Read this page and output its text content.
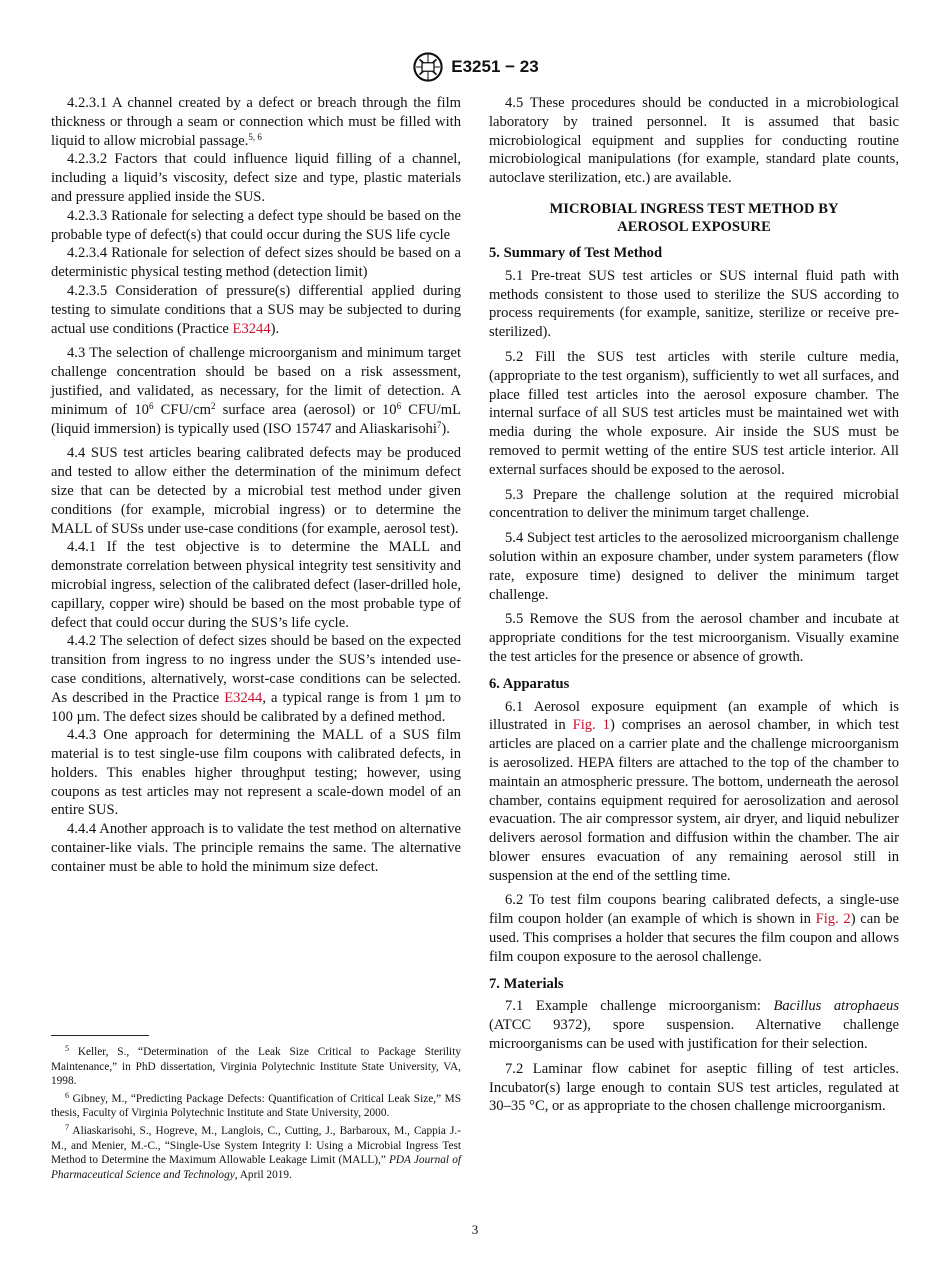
E3251 − 23

4.2.3.1 A channel created by a defect or breach through the film thickness or through a seam or connection which must be filled with liquid to allow microbial passage.$^{5, 6}$

4.2.3.2 Factors that could influence liquid filling of a channel, including a liquid’s viscosity, defect size and type, plastic materials and pressure applied inside the SUS.

4.2.3.3 Rationale for selecting a defect type should be based on the probable type of defect(s) that could occur during the SUS life cycle

4.2.3.4 Rationale for selection of defect sizes should be based on a deterministic physical testing method (detection limit)

4.2.3.5 Consideration of pressure(s) differential applied during testing to simulate conditions that a SUS may be subjected to during actual use conditions (Practice E3244).

4.3 The selection of challenge microorganism and minimum target challenge concentration should be based on a risk assessment, justified, and validated, as necessary, for the limit of detection. A minimum of $10^6$ CFU/$cm^2$ surface area (aerosol) or $10^6$ CFU/mL (liquid immersion) is typically used (ISO 15747 and Aliaskarisohi$^7$).

4.4 SUS test articles bearing calibrated defects may be produced and tested to allow either the determination of the minimum defect size that can be detected by a microbial test method under given conditions (for example, microbial ingress) or to determine the MALL of SUSs under use-case conditions (for example, aerosol test).

4.4.1 If the test objective is to determine the MALL and demonstrate correlation between physical integrity test sensitivity and microbial ingress, selection of the calibrated defect (laser-drilled hole, capillary, copper wire) should be based on the most probable type of defect that could occur during the SUS’s life cycle.

4.4.2 The selection of defect sizes should be based on the expected transition from ingress to no ingress under the SUS’s intended use-case conditions, alternatively, worst-case conditions can be selected. As described in the Practice E3244, a typical range is from 1 µm to 100 µm. The defect sizes should be calibrated by a defined method.

4.4.3 One approach for determining the MALL of a SUS film material is to test single-use film coupons with calibrated defects, in holders. This enables higher throughput testing; however, using coupons as test articles may not represent a scale-down model of an entire SUS.

4.4.4 Another approach is to validate the test method on alternative container-like vials. The principle remains the same. The alternative container must be able to hold the minimum size defect.

$^5$ Keller, S., “Determination of the Leak Size Critical to Package Sterility Maintenance,” in PhD dissertation, Virginia Polytechnic Institute State University, VA, 1998.

$^6$ Gibney, M., “Predicting Package Defects: Quantification of Critical Leak Size,” MS thesis, Faculty of Virginia Polytechnic Institute and State University, 2000.

$^7$ Aliaskarisohi, S., Hogreve, M., Langlois, C., Cutting, J., Barbaroux, M., Cappia J.-M., and Menier, M.-C., “Single-Use System Integrity I: Using a Microbial Ingress Test Method to Determine the Maximum Allowable Leakage Limit (MALL),” PDA Journal of Pharmaceutical Science and Technology, April 2019.

4.5 These procedures should be conducted in a microbiological laboratory by trained personnel. It is assumed that basic microbiological equipment and supplies for conducting routine microbiological manipulations (for example, standard plate counts, autoclave sterilization, etc.) are available.

MICROBIAL INGRESS TEST METHOD BY
AEROSOL EXPOSURE
5. Summary of Test Method

5.1 Pre-treat SUS test articles or SUS internal fluid path with methods consistent to those used to sterilize the SUS according to process requirements (for example, sanitize, sterilize or receive pre-sterilized).

5.2 Fill the SUS test articles with sterile culture media, (appropriate to the test organism), sufficiently to wet all surfaces, and place filled test articles into the aerosol exposure chamber. The internal surface of all SUS test articles must be maintained wet with media during the whole exposure. Air inside the SUS must be removed to permit wetting of the entire SUS test article interior. All external surfaces should be exposed to the aerosol.

5.3 Prepare the challenge solution at the required microbial concentration to deliver the minimum target challenge.

5.4 Subject test articles to the aerosolized microorganism challenge solution within an exposure chamber, under system parameters (flow rate, exposure time) designed to deliver the minimum target challenge.

5.5 Remove the SUS from the aerosol chamber and incubate at appropriate conditions for the test microorganism. Visually examine the test articles for the presence or absence of growth.

6. Apparatus

6.1 Aerosol exposure equipment (an example of which is illustrated in Fig. 1) comprises an aerosol chamber, in which test articles are placed on a carrier plate and the challenge microorganism is aerosolized. HEPA filters are attached to the top of the chamber to maintain an atmospheric pressure. The bottom, underneath the aerosol chamber, contains equipment required for aerosolization and aerosol evacuation. The air compressor system, air dryer, and liquid nebulizer delivers aerosol formation and diffusion within the chamber. The air blower ensures evacuation of any remaining aerosol still in suspension at the end of the settling time.

6.2 To test film coupons bearing calibrated defects, a single-use film coupon holder (an example of which is shown in Fig. 2) can be used. This comprises a holder that secures the film coupon and allows film coupon exposure to the aerosol challenge.

7. Materials

7.1 Example challenge microorganism: Bacillus atrophaeus (ATCC 9372), spore suspension. Alternative challenge microorganisms can be used with justification for their selection.

7.2 Laminar flow cabinet for aseptic filling of test articles. Incubator(s) large enough to contain SUS test articles, regulated at 30–35 °C, or as appropriate to the chosen challenge microorganism.

3
